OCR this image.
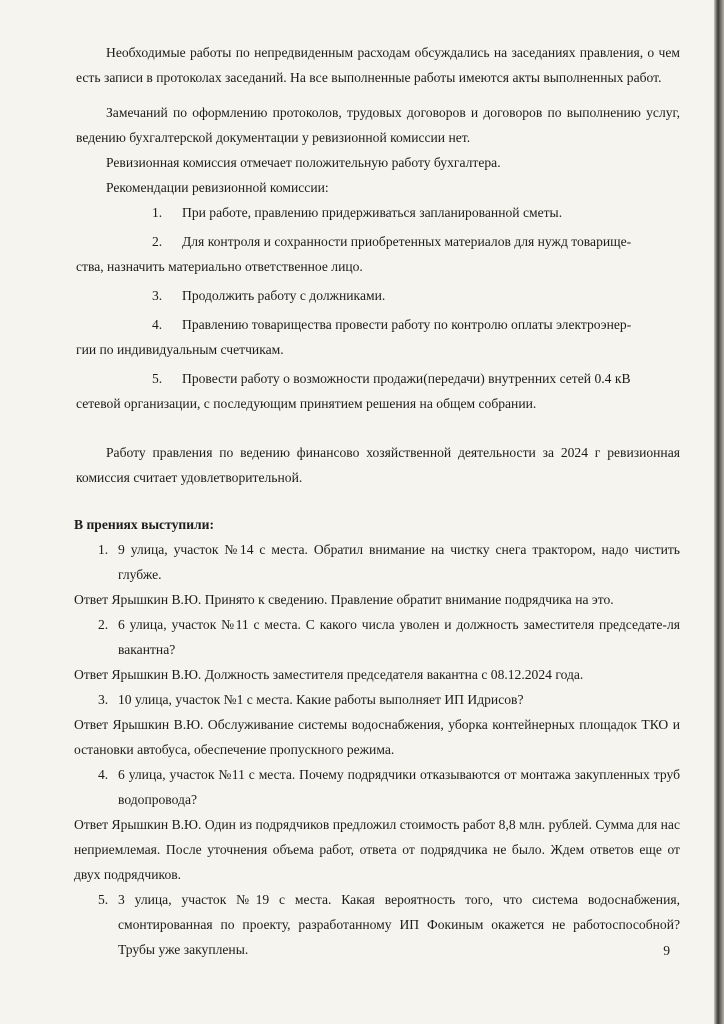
Необходимые работы по непредвиденным расходам обсуждались на заседаниях правления, о чем есть записи в протоколах заседаний. На все выполненные работы имеются акты выполненных работ.

Замечаний по оформлению протоколов, трудовых договоров и договоров по выполнению услуг, ведению бухгалтерской документации у ревизионной комиссии нет.

Ревизионная комиссия отмечает положительную работу бухгалтера.

Рекомендации ревизионной комиссии:

1.	При работе, правлению придерживаться запланированной сметы.
2.	Для контроля и сохранности приобретенных материалов для нужд товарище-

ства, назначить материально ответственное лицо.

3.	Продолжить работу с должниками.
4.	Правлению товарищества провести работу по контролю оплаты электроэнер-

гии по индивидуальным счетчикам.

5.	Провести работу о возможности продажи(передачи) внутренних сетей 0.4 кВ

сетевой организации, с последующим принятием решения на общем собрании.

Работу правления по ведению финансово хозяйственной деятельности за 2024 г ревизионная комиссия считает удовлетворительной.

В прениях выступили:

1. 9 улица, участок №14 с места. Обратил внимание на чистку снега трактором, надо чистить глубже.

Ответ Ярышкин В.Ю. Принято к сведению. Правление обратит внимание подрядчика на это.

2. 6 улица, участок №11 с места. С какого числа уволен и должность заместителя председате-ля вакантна?

Ответ Ярышкин В.Ю. Должность заместителя председателя вакантна с 08.12.2024 года.

3. 10 улица, участок №1 с места. Какие работы выполняет ИП Идрисов?

Ответ Ярышкин В.Ю. Обслуживание системы водоснабжения, уборка контейнерных площадок ТКО и остановки автобуса, обеспечение пропускного режима.

4. 6 улица, участок №11 с места. Почему подрядчики отказываются от монтажа закупленных труб водопровода?

Ответ Ярышкин В.Ю. Один из подрядчиков предложил стоимость работ 8,8 млн. рублей. Сумма для нас неприемлемая. После уточнения объема работ, ответа от подрядчика не было. Ждем ответов еще от двух подрядчиков.

5. 3 улица, участок №19 с места. Какая вероятность того, что система водоснабжения, смонтированная по проекту, разработанному ИП Фокиным окажется не работоспособной? Трубы уже закуплены.	9
